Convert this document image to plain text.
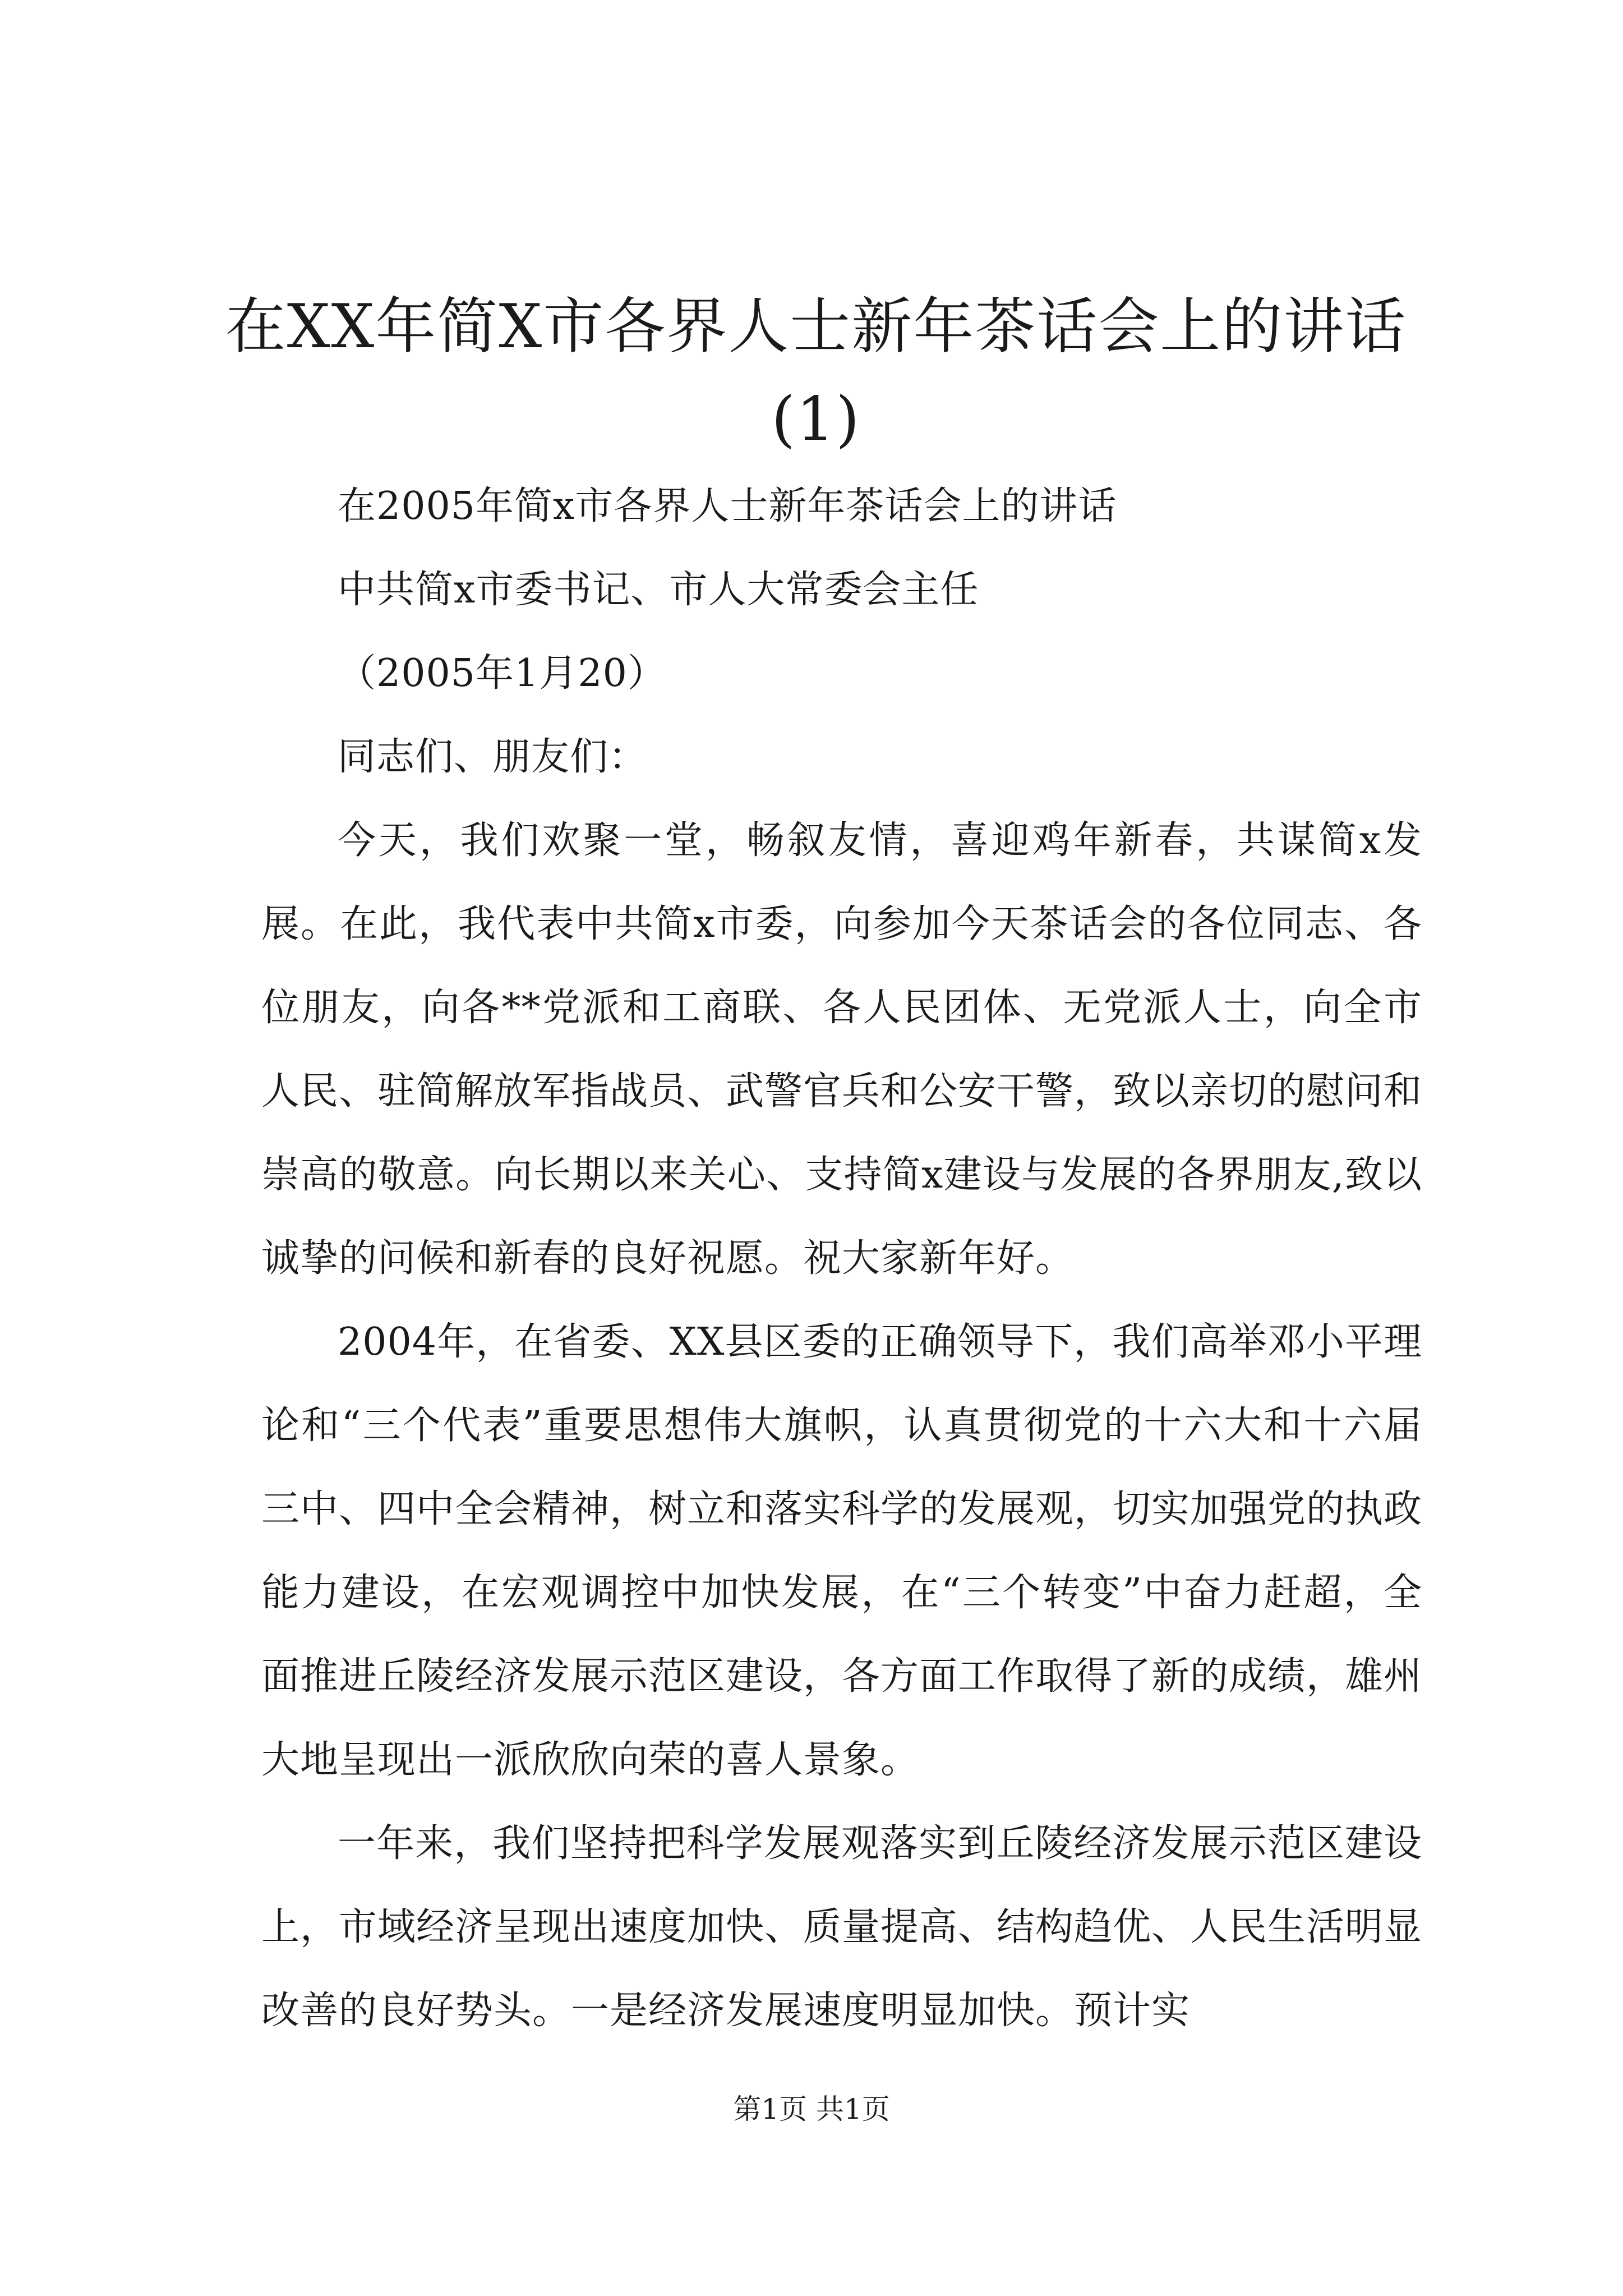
在XX年简X市各界人士新年茶话会上的讲话(1)

在2005年简x市各界人士新年茶话会上的讲话

中共简x市委书记、市人大常委会主任

（2005年1月20）

同志们、朋友们：

今天，我们欢聚一堂，畅叙友情，喜迎鸡年新春，共谋简x发展。在此，我代表中共简x市委，向参加今天茶话会的各位同志、各位朋友，向各**党派和工商联、各人民团体、无党派人士，向全市人民、驻简解放军指战员、武警官兵和公安干警，致以亲切的慰问和崇高的敬意。向长期以来关心、支持简x建设与发展的各界朋友,致以诚挚的问候和新春的良好祝愿。祝大家新年好。

2004年，在省委、XX县区委的正确领导下，我们高举邓小平理论和“三个代表”重要思想伟大旗帜，认真贯彻党的十六大和十六届三中、四中全会精神，树立和落实科学的发展观，切实加强党的执政能力建设，在宏观调控中加快发展，在“三个转变”中奋力赶超，全面推进丘陵经济发展示范区建设，各方面工作取得了新的成绩，雄州大地呈现出一派欣欣向荣的喜人景象。

一年来，我们坚持把科学发展观落实到丘陵经济发展示范区建设上，市域经济呈现出速度加快、质量提高、结构趋优、人民生活明显改善的良好势头。一是经济发展速度明显加快。预计实

第1页 共1页
